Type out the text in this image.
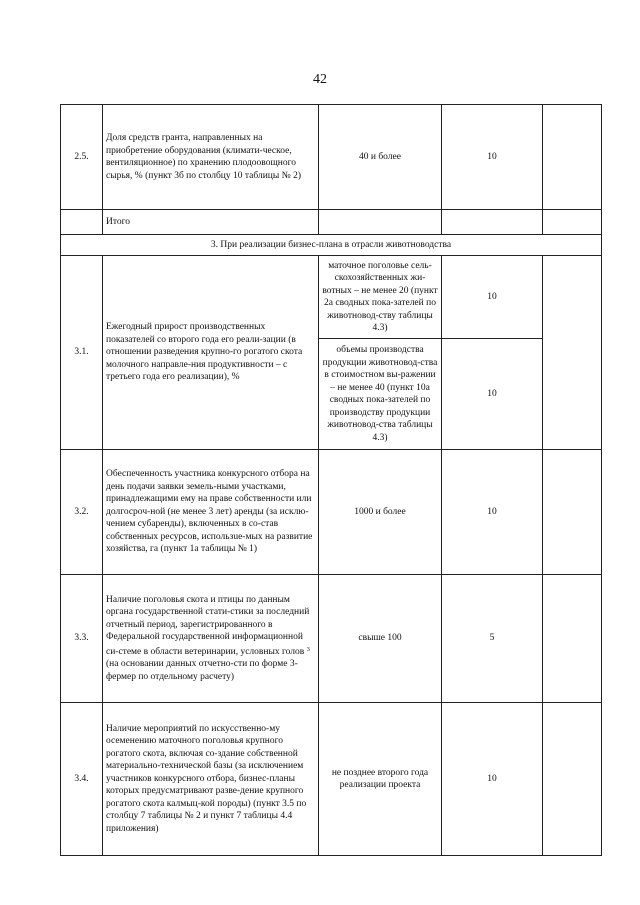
42
2.5.	Доля средств гранта, направленных на приобретение оборудования (климати-ческое, вентиляционное) по хранению плодоовощного сырья, % (пункт 3б по столбцу 10 таблицы № 2)	40 и более	10	
	Итого			
3. При реализации бизнес-плана в отрасли животноводства				
3.1.	Ежегодный прирост производственных показателей со второго года его реали-зации (в отношении разведения крупно-го рогатого скота молочного направле-ния продуктивности – с третьего года его реализации), %	маточное поголовье сель-скохозяйственных жи-вотных – не менее 20 (пункт 2а сводных пока-зателей по животновод-ству таблицы 4.3)	10	
		объемы производства продукции животновод-ства в стоимостном вы-ражении – не менее 40 (пункт 10а сводных пока-зателей по производству продукции животновод-ства таблицы 4.3)	10	
3.2.	Обеспеченность участника конкурсного отбора на день подачи заявки земель-ными участками, принадлежащими ему на праве собственности или долгосроч-ной (не менее 3 лет) аренды (за исклю-чением субаренды), включенных в со-став собственных ресурсов, использue-мых на развитие хозяйства, га (пункт 1а таблицы № 1)	1000 и более	10	
3.3.	Наличие поголовья скота и птицы по данным органа государственной стати-стики за последний отчетный период, зарегистрированного в Федеральной государственной информационной си-стеме в области ветеринарии, условных голов $^3$ (на основании данных отчетно-сти по форме 3-фермер по отдельному расчету)	свыше 100	5	
3.4.	Наличие мероприятий по искусственно-му осеменению маточного поголовья крупного рогатого скота, включая со-здание собственной материально-технической базы (за исключением участников конкурсного отбора, бизнес-планы которых предусматривают разве-дение крупного рогатого скота калмыц-кой породы) (пункт 3.5 по столбцу 7 таблицы № 2 и пункт 7 таблицы 4.4 приложения)	не позднее второго года реализации проекта	10	
